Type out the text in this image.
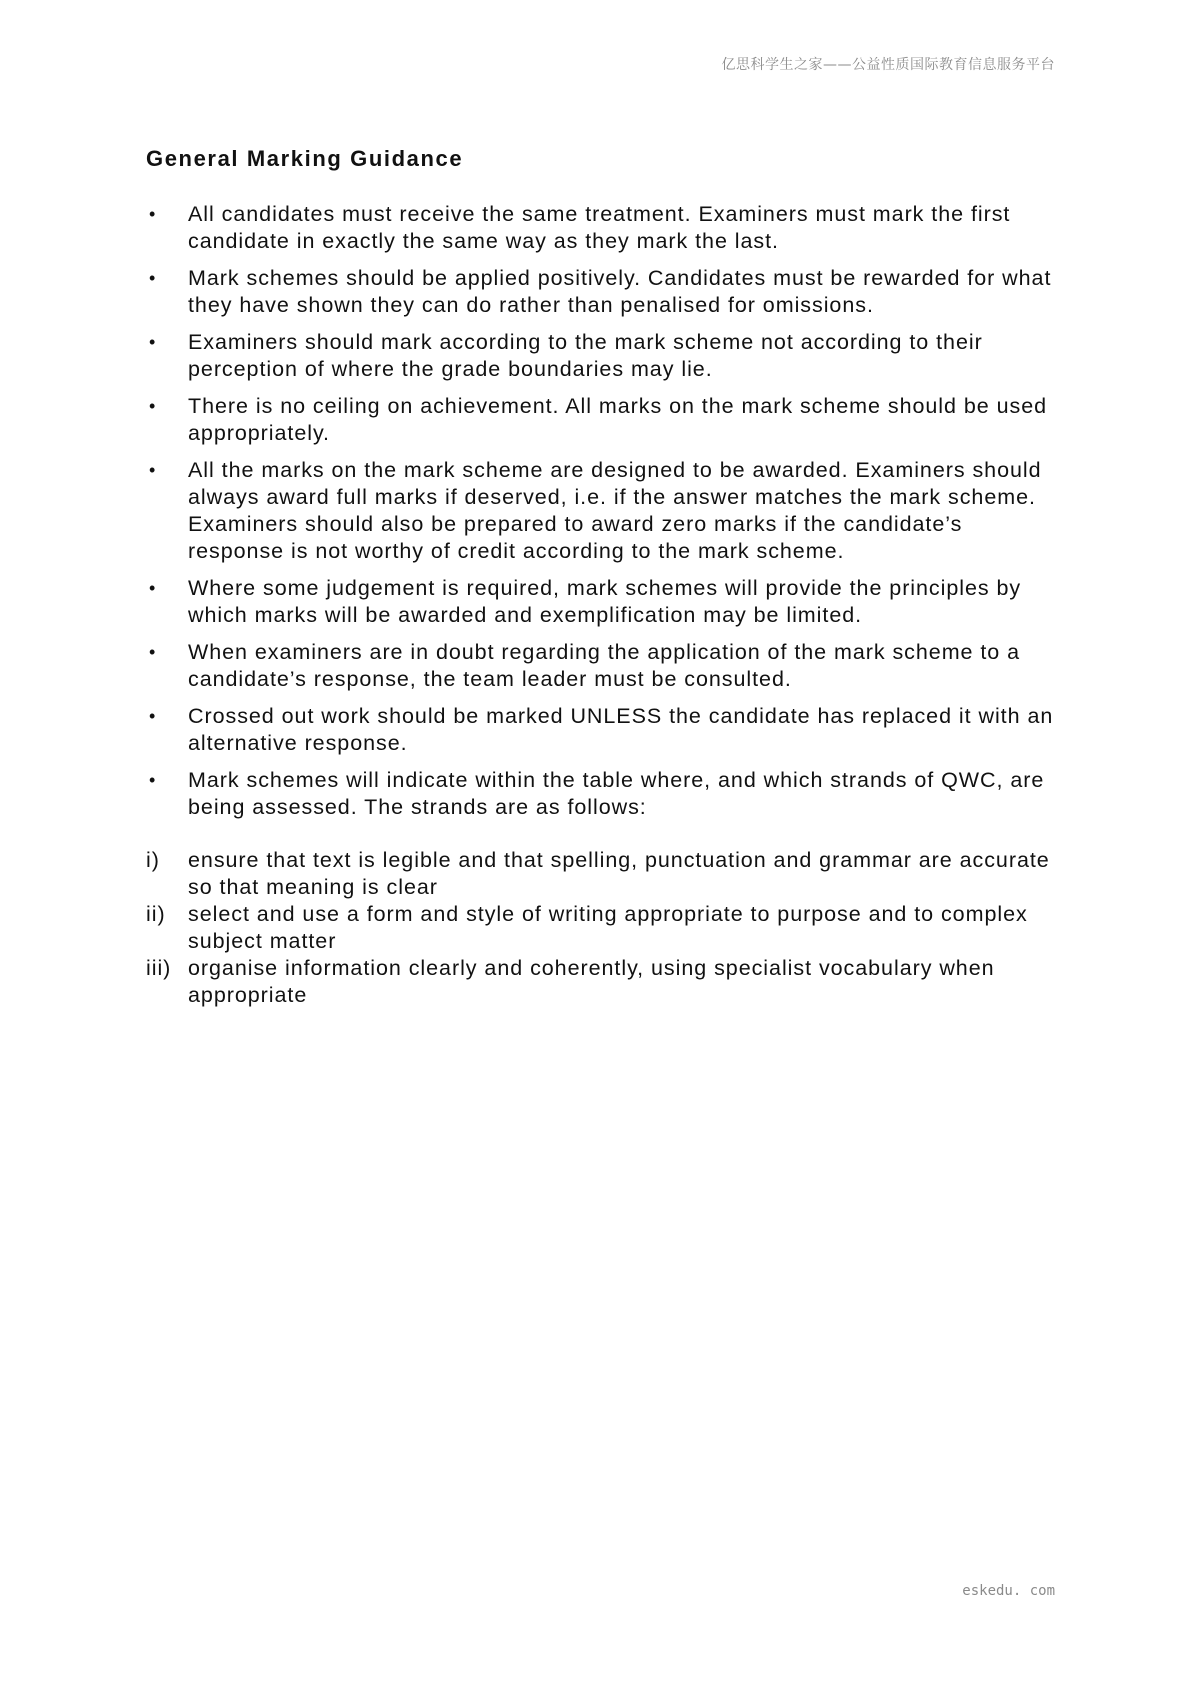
亿思科学生之家——公益性质国际教育信息服务平台
General Marking Guidance
• All candidates must receive the same treatment. Examiners must mark the first candidate in exactly the same way as they mark the last.
• Mark schemes should be applied positively. Candidates must be rewarded for what they have shown they can do rather than penalised for omissions.
• Examiners should mark according to the mark scheme not according to their perception of where the grade boundaries may lie.
• There is no ceiling on achievement. All marks on the mark scheme should be used appropriately.
• All the marks on the mark scheme are designed to be awarded. Examiners should always award full marks if deserved, i.e. if the answer matches the mark scheme. Examiners should also be prepared to award zero marks if the candidate’s response is not worthy of credit according to the mark scheme.
• Where some judgement is required, mark schemes will provide the principles by which marks will be awarded and exemplification may be limited.
• When examiners are in doubt regarding the application of the mark scheme to a candidate’s response, the team leader must be consulted.
• Crossed out work should be marked UNLESS the candidate has replaced it with an alternative response.
• Mark schemes will indicate within the table where, and which strands of QWC, are being assessed. The strands are as follows:
i) ensure that text is legible and that spelling, punctuation and grammar are accurate so that meaning is clear
ii) select and use a form and style of writing appropriate to purpose and to complex subject matter
iii) organise information clearly and coherently, using specialist vocabulary when appropriate
eskedu. com
